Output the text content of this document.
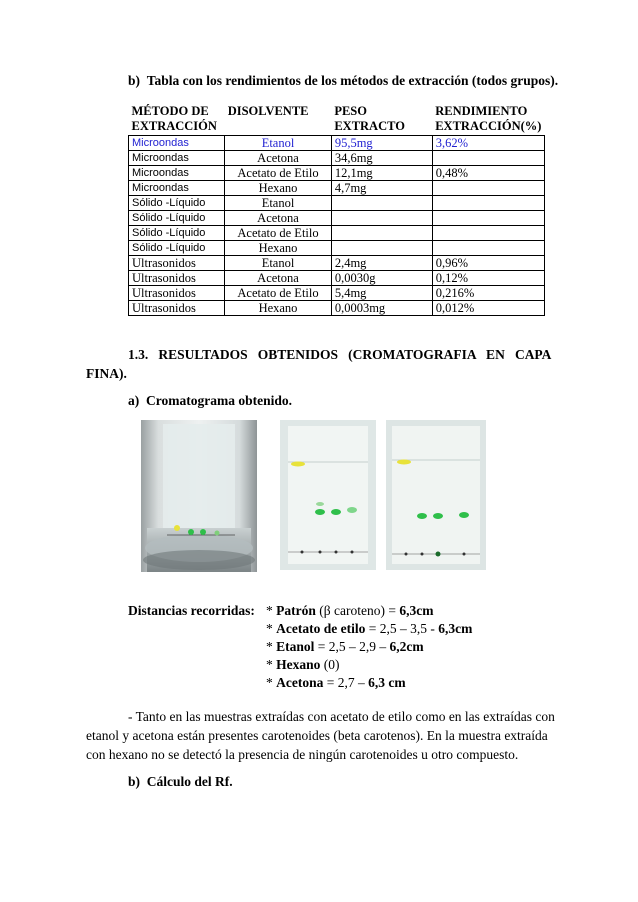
b) Tabla con los rendimientos de los métodos de extracción (todos grupos).
MÉTODO DE EXTRACCIÓN	DISOLVENTE	PESO EXTRACTO	RENDIMIENTO EXTRACCIÓN(%)
Microondas	Etanol	95,5mg	3,62%
Microondas	Acetona	34,6mg	
Microondas	Acetato de Etilo	12,1mg	0,48%
Microondas	Hexano	4,7mg	
Sólido -Líquido	Etanol		
Sólido -Líquido	Acetona		
Sólido -Líquido	Acetato de Etilo		
Sólido -Líquido	Hexano		
Ultrasonidos	Etanol	2,4mg	0,96%
Ultrasonidos	Acetona	0,0030g	0,12%
Ultrasonidos	Acetato de Etilo	5,4mg	0,216%
Ultrasonidos	Hexano	0,0003mg	0,012%
1.3.   RESULTADOS   OBTENIDOS   (CROMATOGRAFIA   EN   CAPA
FINA).
a) Cromatograma obtenido.
Distancias recorridas: * Patrón (β caroteno) = 6,3cm
* Acetato de etilo = 2,5 – 3,5 - 6,3cm
* Etanol = 2,5 – 2,9 – 6,2cm
* Hexano (0)
* Acetona = 2,7 – 6,3 cm
- Tanto en las muestras extraídas con acetato de etilo como en las extraídas con
etanol y acetona están presentes carotenoides (beta carotenos). En la muestra extraída
con hexano no se detectó la presencia de ningún carotenoides u otro compuesto.
b) Cálculo del Rf.
